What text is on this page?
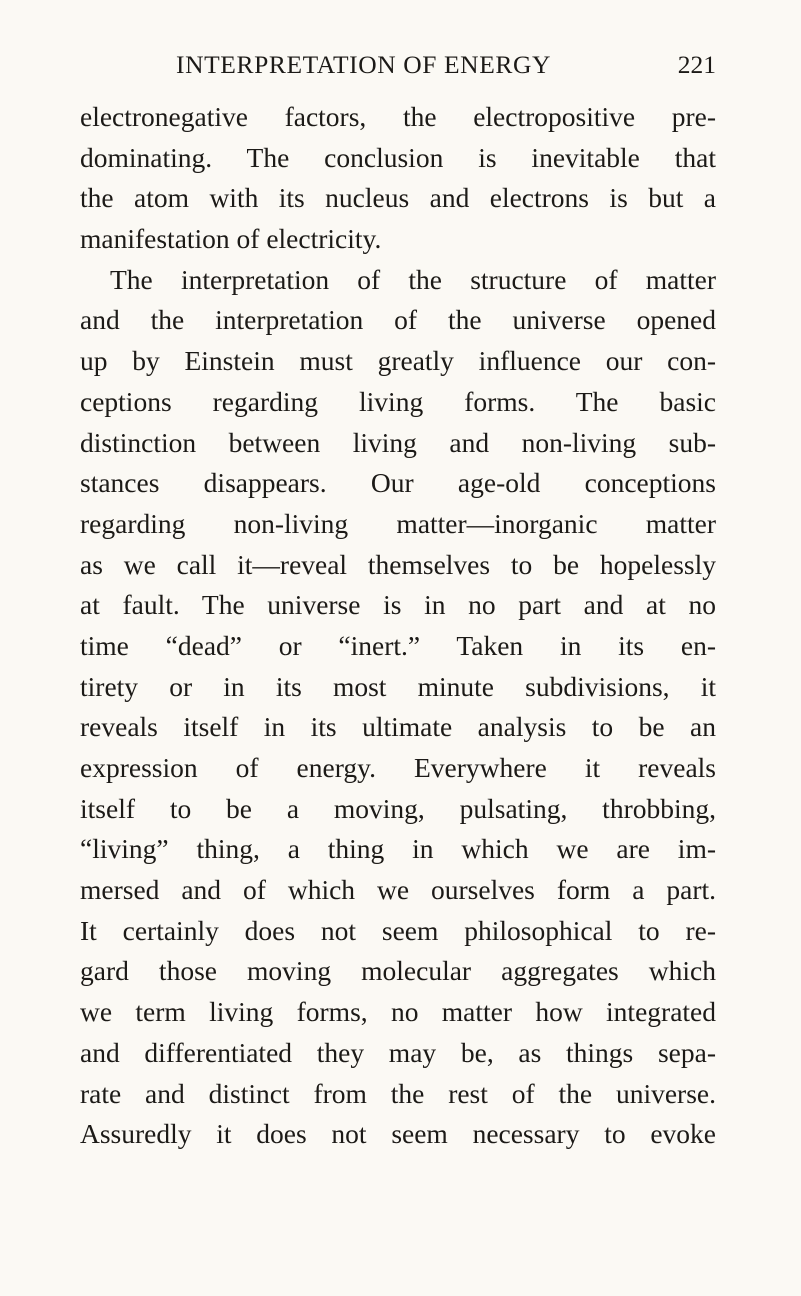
INTERPRETATION OF ENERGY	221
electronegative factors, the electropositive pre-
dominating. The conclusion is inevitable that
the atom with its nucleus and electrons is but a
manifestation of electricity.
The interpretation of the structure of matter
and the interpretation of the universe opened
up by Einstein must greatly influence our con-
ceptions regarding living forms. The basic
distinction between living and non-living sub-
stances disappears. Our age-old conceptions
regarding non-living matter—inorganic matter
as we call it—reveal themselves to be hopelessly
at fault. The universe is in no part and at no
time “dead” or “inert.” Taken in its en-
tirety or in its most minute subdivisions, it
reveals itself in its ultimate analysis to be an
expression of energy. Everywhere it reveals
itself to be a moving, pulsating, throbbing,
“living” thing, a thing in which we are im-
mersed and of which we ourselves form a part.
It certainly does not seem philosophical to re-
gard those moving molecular aggregates which
we term living forms, no matter how integrated
and differentiated they may be, as things sepa-
rate and distinct from the rest of the universe.
Assuredly it does not seem necessary to evoke
